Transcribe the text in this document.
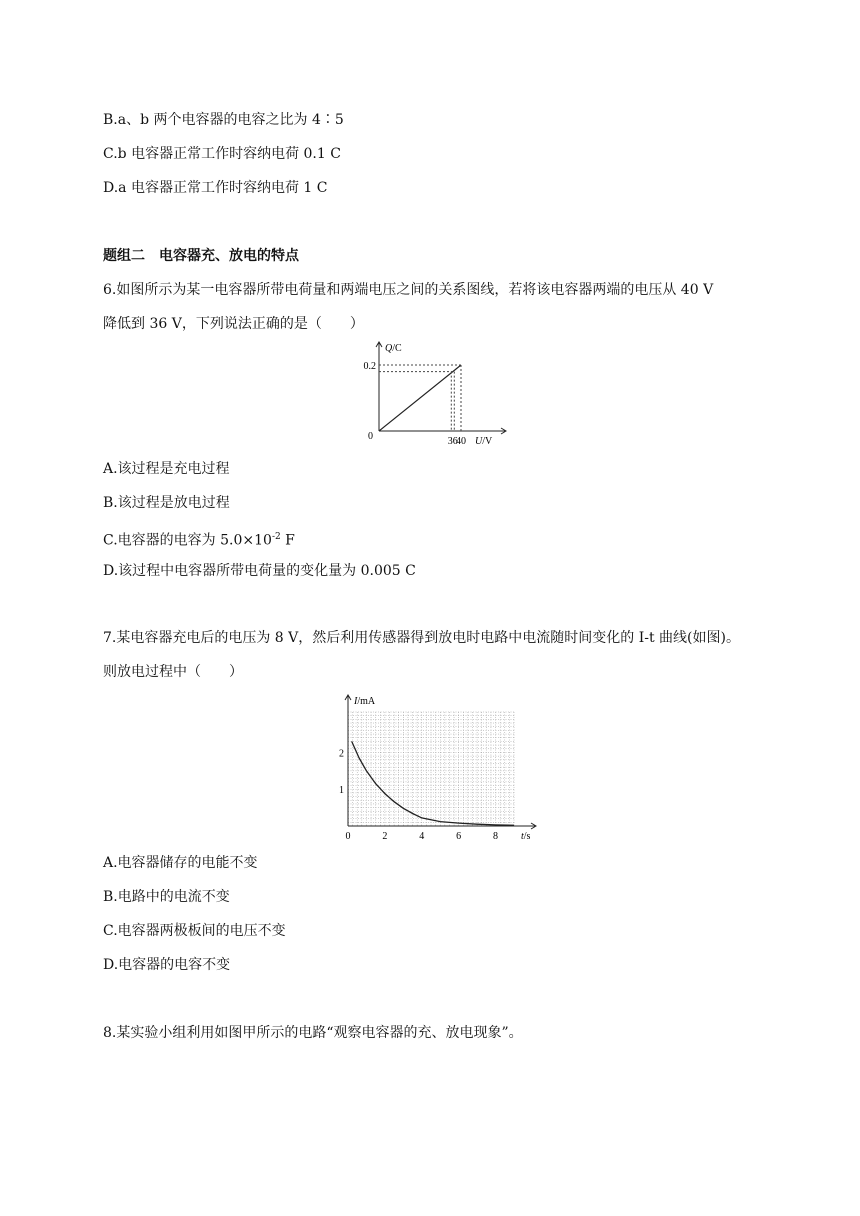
B.a、b 两个电容器的电容之比为 4∶5
C.b 电容器正常工作时容纳电荷 0.1 C
D.a 电容器正常工作时容纳电荷 1 C
题组二　电容器充、放电的特点
6.如图所示为某一电容器所带电荷量和两端电压之间的关系图线，若将该电容器两端的电压从 40 V
降低到 36 V，下列说法正确的是（　　）
0	36
40
0.2
U/V
Q/C
A.该过程是充电过程
B.该过程是放电过程
C.电容器的电容为 $5.0\times 10^{-2}$ F
D.该过程中电容器所带电荷量的变化量为 0.005 C
7.某电容器充电后的电压为 8 V，然后利用传感器得到放电时电路中电流随时间变化的 I-t 曲线(如图)。
则放电过程中（　　）
0	2	4	6	8
1
2
t/s
I/mA
A.电容器储存的电能不变
B.电路中的电流不变
C.电容器两极板间的电压不变
D.电容器的电容不变
8.某实验小组利用如图甲所示的电路“观察电容器的充、放电现象”。
